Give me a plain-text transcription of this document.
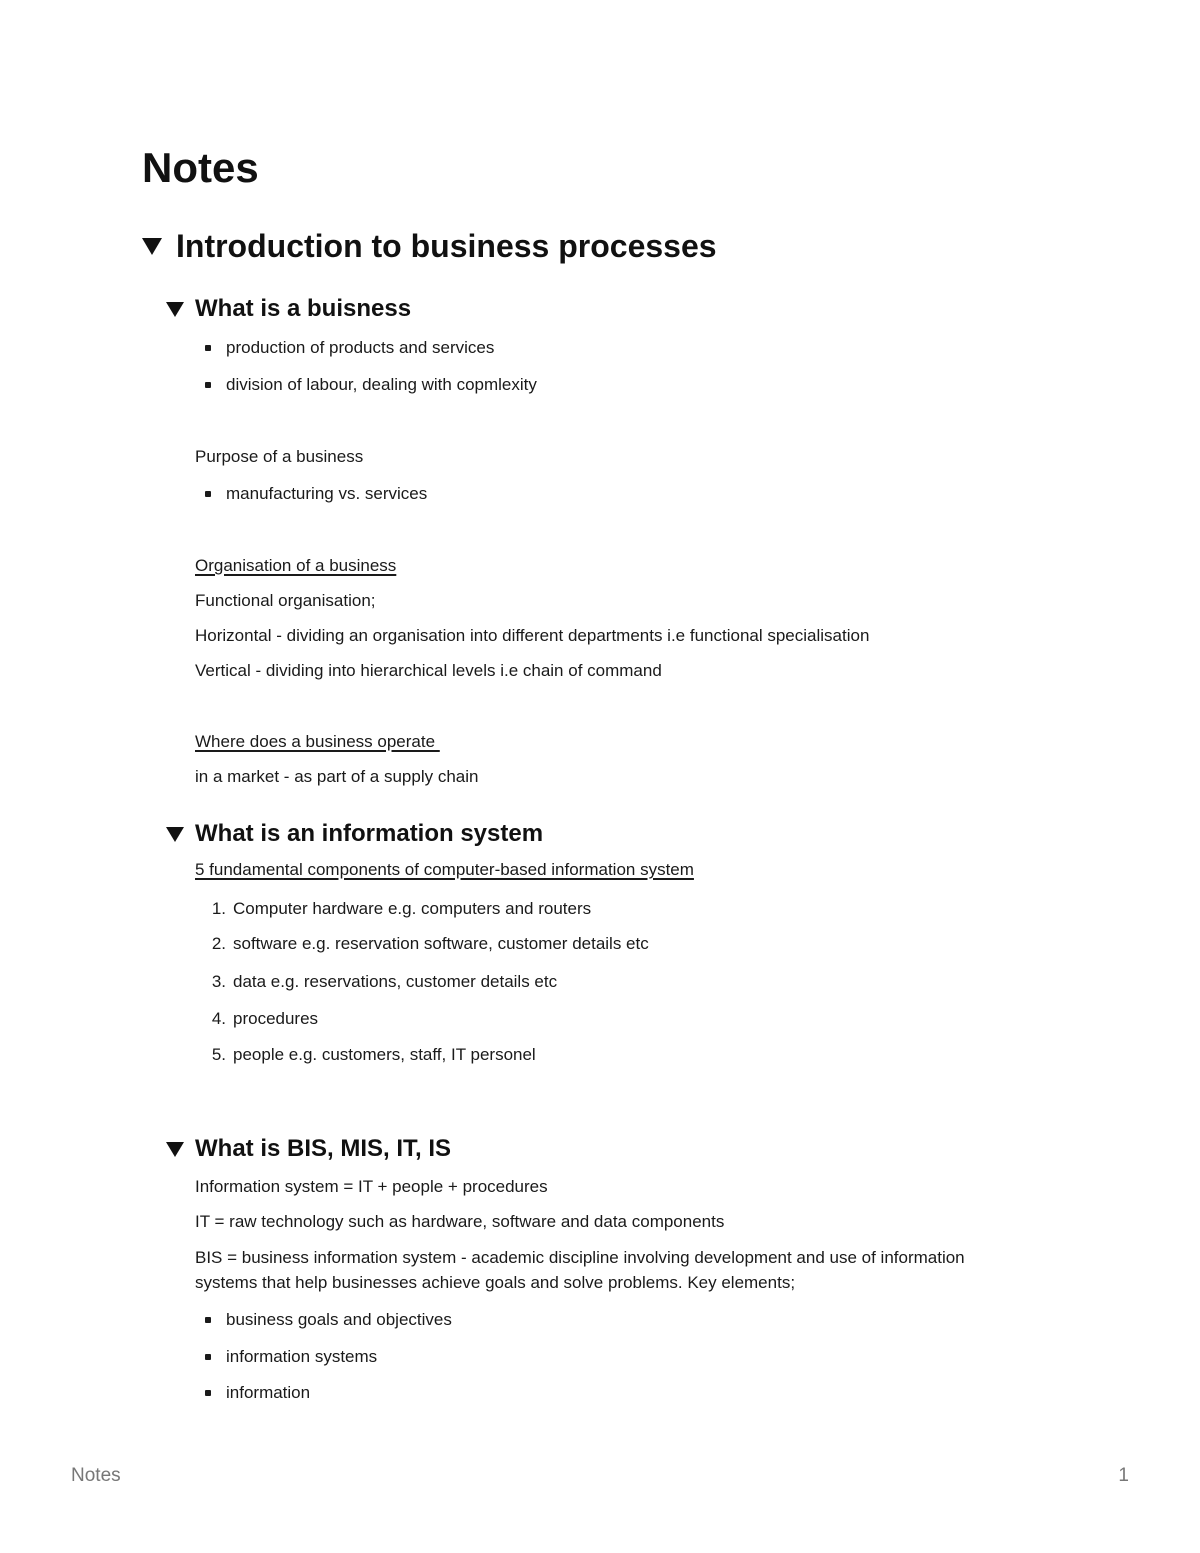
Notes
Introduction to business processes
What is a buisness
production of products and services
division of labour, dealing with copmlexity

Purpose of a business

manufacturing vs. services

Organisation of a business

Functional organisation;

Horizontal - dividing an organisation into different departments i.e functional specialisation

Vertical - dividing into hierarchical levels i.e chain of command

Where does a business operate

in a market - as part of a supply chain

What is an information system

5 fundamental components of computer-based information system

1. Computer hardware e.g. computers and routers
2. software e.g. reservation software, customer details etc
3. data e.g. reservations, customer details etc
4. procedures
5. people e.g. customers, staff, IT personel
What is BIS, MIS, IT, IS

Information system = IT + people + procedures

IT = raw technology such as hardware, software and data components

BIS = business information system - academic discipline involving development and use of information systems that help businesses achieve goals and solve problems. Key elements;

business goals and objectives
information systems
information
Notes	1
